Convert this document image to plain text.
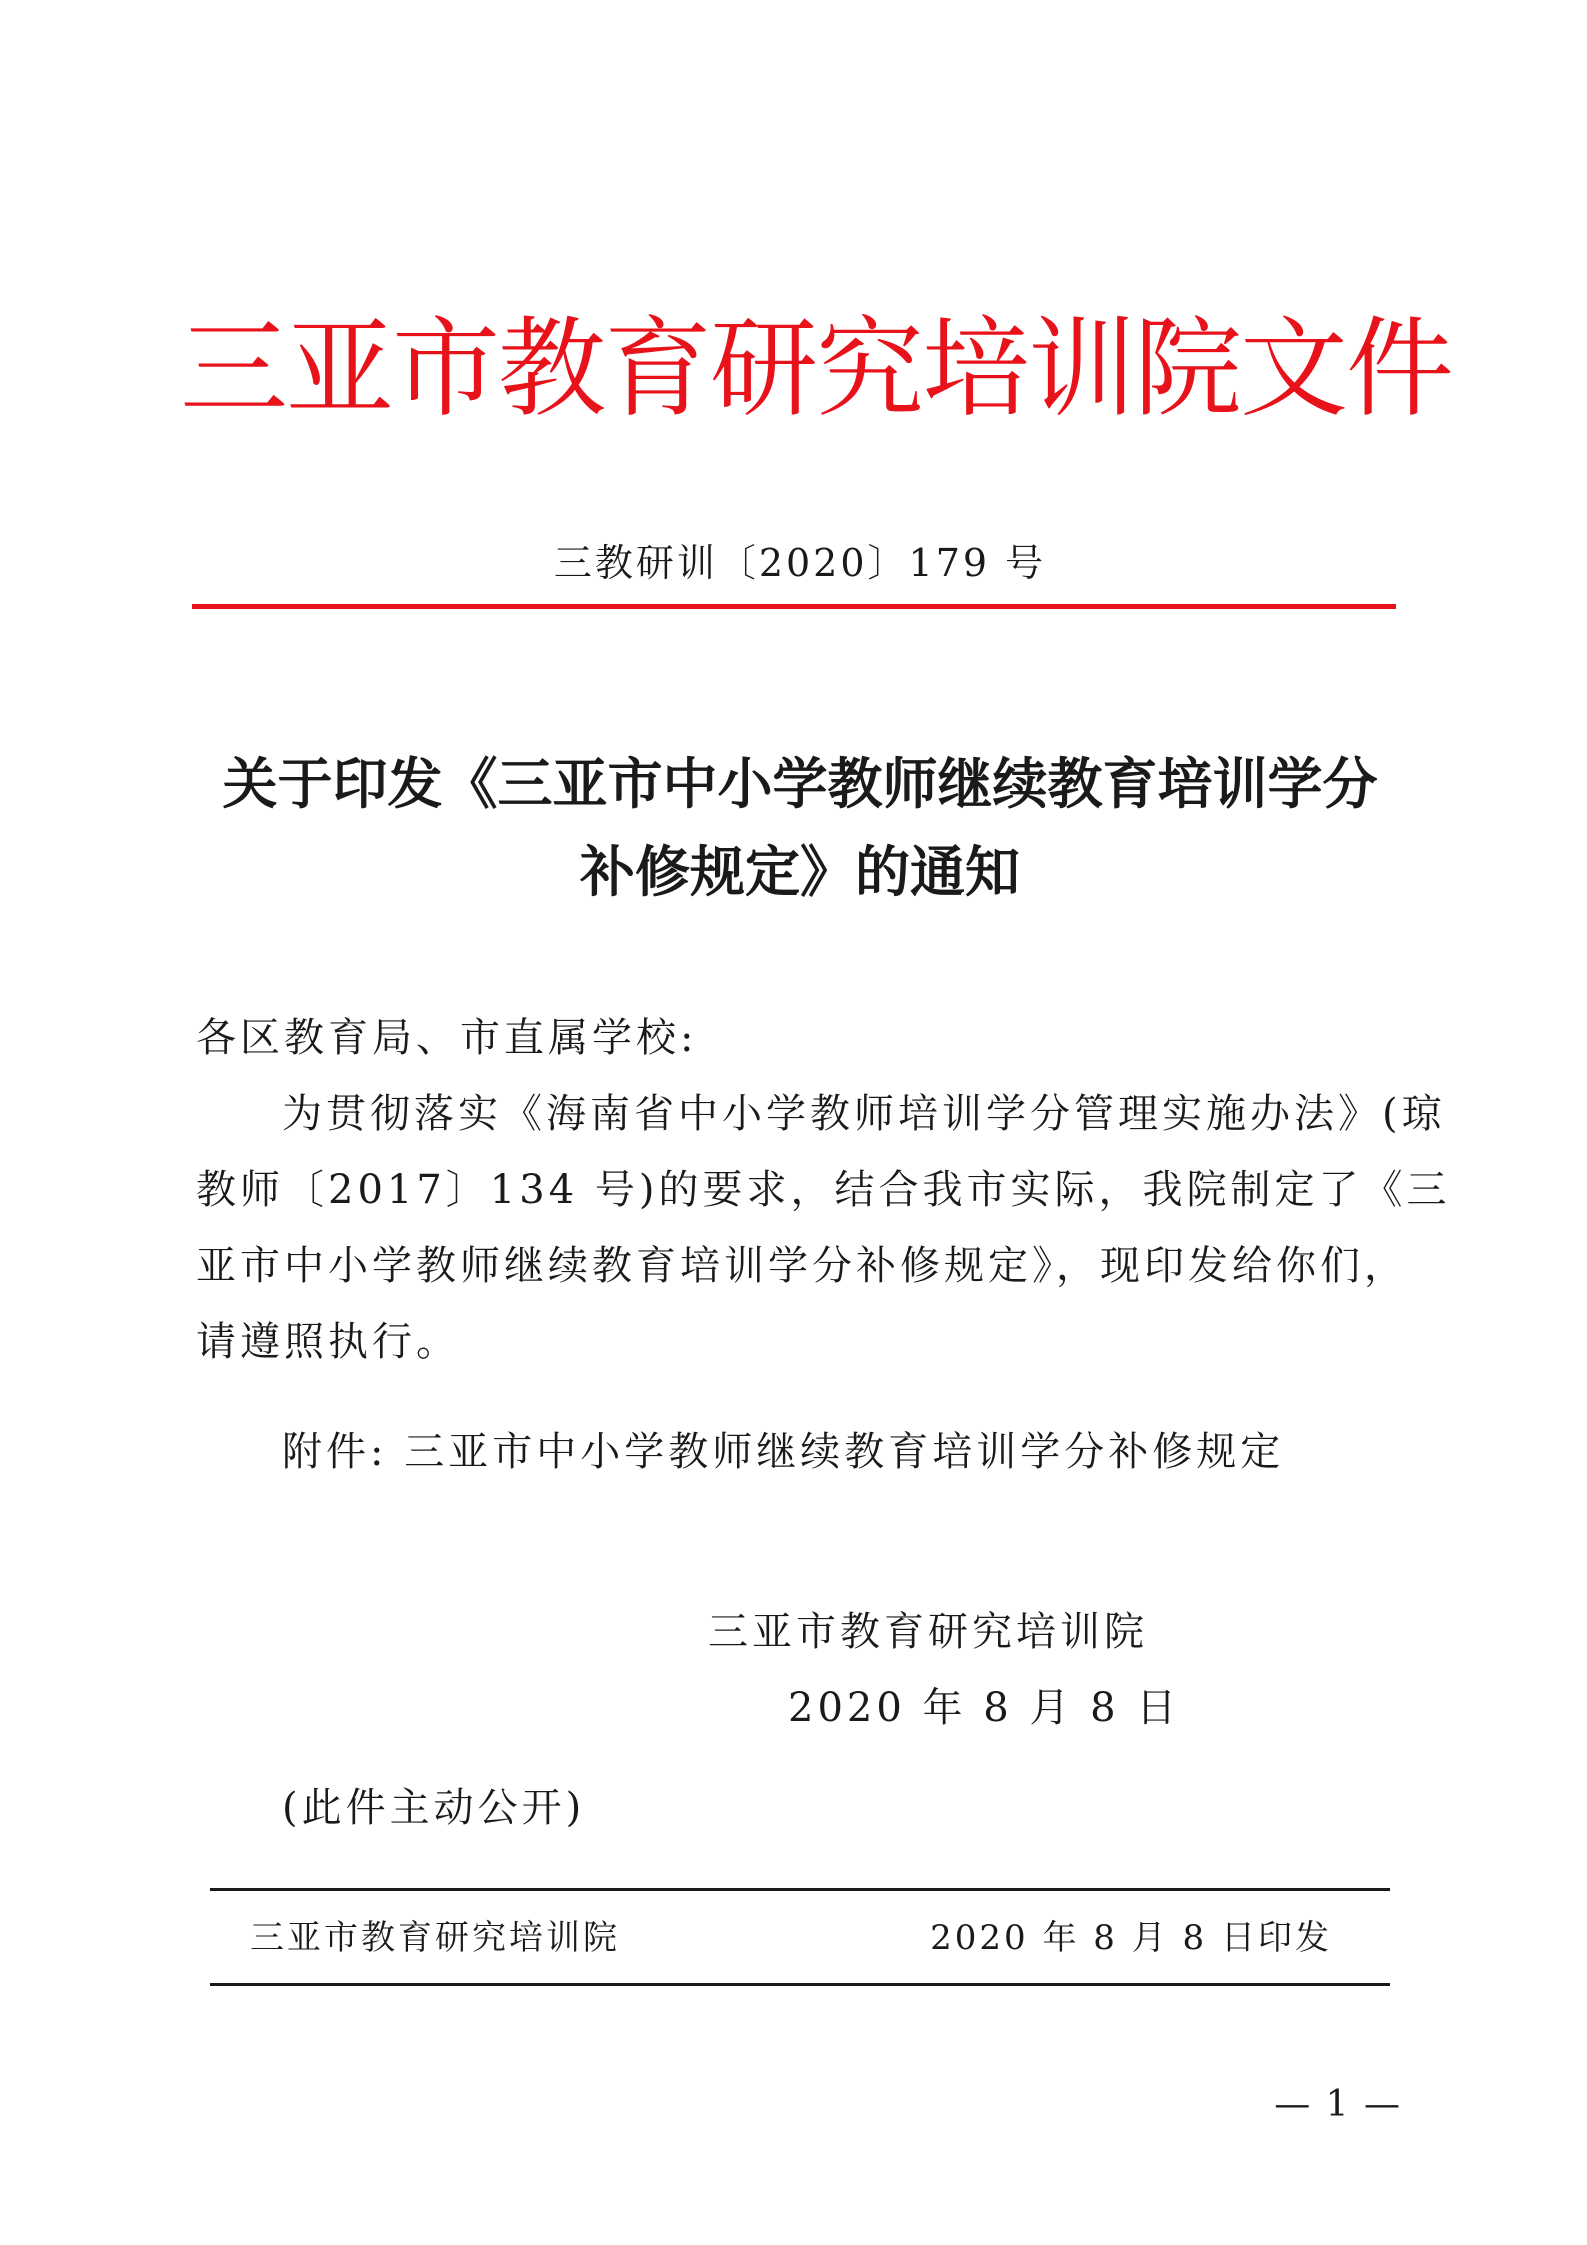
三亚市教育研究培训院文件
三教研训〔2020〕179 号
关于印发《三亚市中小学教师继续教育培训学分
补修规定》的通知
各区教育局、市直属学校:
为贯彻落实《海南省中小学教师培训学分管理实施办法》(琼
教师〔2017〕134 号)的要求，结合我市实际，我院制定了《三
亚市中小学教师继续教育培训学分补修规定》，现印发给你们，
请遵照执行。
附件: 三亚市中小学教师继续教育培训学分补修规定
三亚市教育研究培训院
2020 年 8 月 8 日
(此件主动公开)
三亚市教育研究培训院	2020 年 8 月 8 日印发
— 1 —
